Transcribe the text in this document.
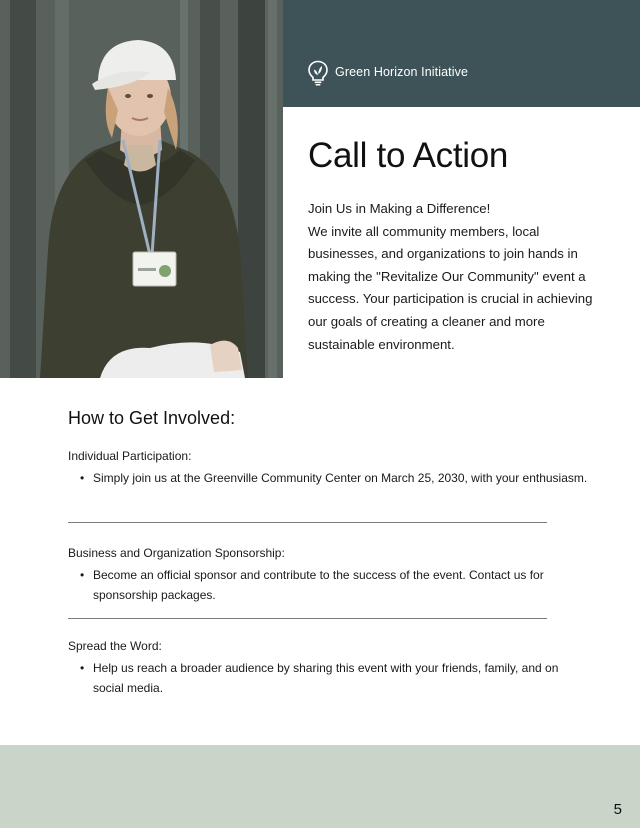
Green Horizon Initiative
Call to Action

Join Us in Making a Difference!

We invite all community members, local businesses, and organizations to join hands in making the "Revitalize Our Community" event a success. Your participation is crucial in achieving our goals of creating a cleaner and more sustainable environment.

How to Get Involved:
Individual Participation:
• Simply join us at the Greenville Community Center on March 25, 2030, with your enthusiasm.
Business and Organization Sponsorship:
• Become an official sponsor and contribute to the success of the event. Contact us for sponsorship packages.
Spread the Word:
• Help us reach a broader audience by sharing this event with your friends, family, and on social media.
5
